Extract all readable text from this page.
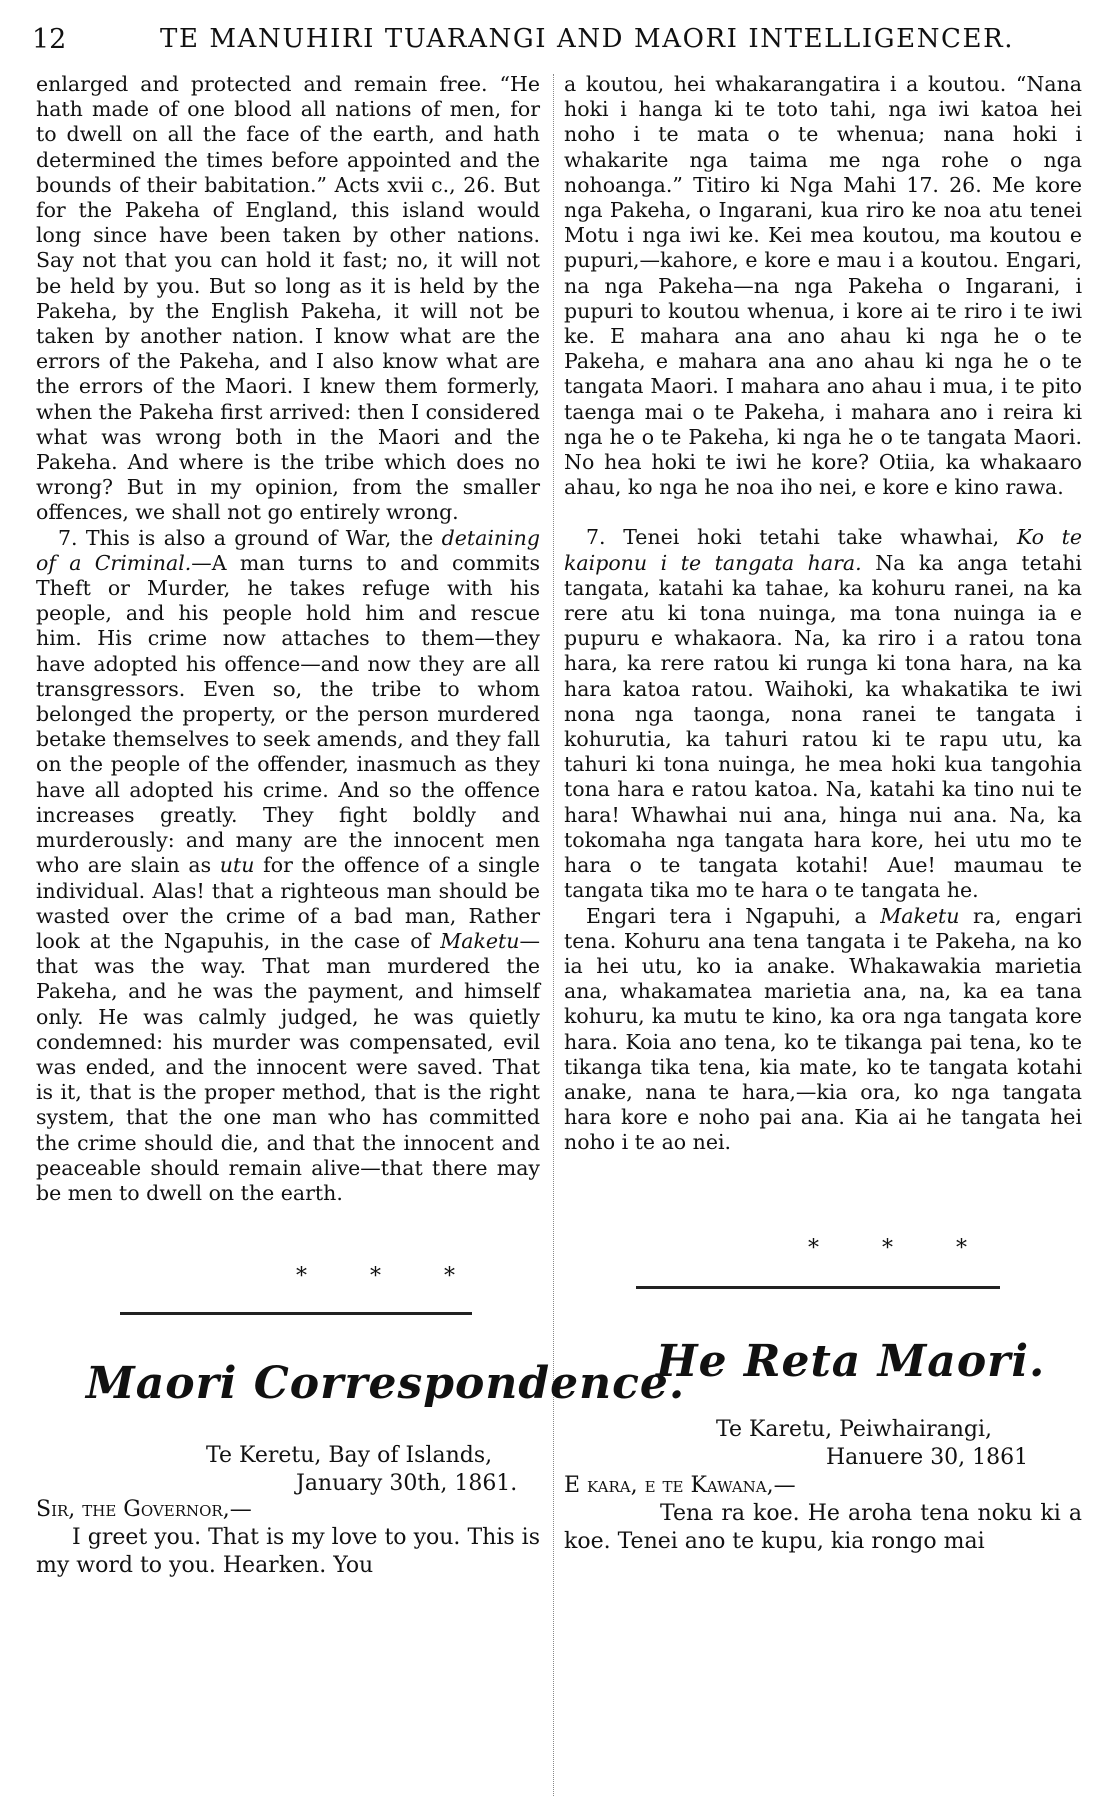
12	TE MANUHIRI TUARANGI AND MAORI INTELLIGENCER.

enlarged and protected and remain free. “He hath made of one blood all nations of men, for to dwell on all the face of the earth, and hath determined the times before appointed and the bounds of their babitation.” Acts xvii c., 26. But for the Pakeha of England, this island would long since have been taken by other nations. Say not that you can hold it fast; no, it will not be held by you. But so long as it is held by the Pakeha, by the English Pakeha, it will not be taken by another nation. I know what are the errors of the Pakeha, and I also know what are the errors of the Maori. I knew them formerly, when the Pakeha first arrived: then I considered what was wrong both in the Maori and the Pakeha. And where is the tribe which does no wrong? But in my opinion, from the smaller offences, we shall not go entirely wrong.

7. This is also a ground of War, the detaining of a Criminal.—A man turns to and commits Theft or Murder, he takes refuge with his people, and his people hold him and rescue him. His crime now attaches to them—they have adopted his offence—and now they are all transgressors. Even so, the tribe to whom belonged the property, or the person murdered betake themselves to seek amends, and they fall on the people of the offender, inasmuch as they have all adopted his crime. And so the offence increases greatly. They fight boldly and murderously: and many are the innocent men who are slain as utu for the offence of a single individual. Alas! that a righteous man should be wasted over the crime of a bad man, Rather look at the Ngapuhis, in the case of Maketu—that was the way. That man murdered the Pakeha, and he was the payment, and himself only. He was calmly judged, he was quietly condemned: his murder was compensated, evil was ended, and the innocent were saved. That is it, that is the proper method, that is the right system, that the one man who has committed the crime should die, and that the innocent and peaceable should remain alive—that there may be men to dwell on the earth.

a koutou, hei whakarangatira i a koutou. “Nana hoki i hanga ki te toto tahi, nga iwi katoa hei noho i te mata o te whenua; nana hoki i whakarite nga taima me nga rohe o nga nohoanga.” Titiro ki Nga Mahi 17. 26. Me kore nga Pakeha, o Ingarani, kua riro ke noa atu tenei Motu i nga iwi ke. Kei mea koutou, ma koutou e pupuri,—kahore, e kore e mau i a koutou. Engari, na nga Pakeha—na nga Pakeha o Ingarani, i pupuri to koutou whenua, i kore ai te riro i te iwi ke. E mahara ana ano ahau ki nga he o te Pakeha, e mahara ana ano ahau ki nga he o te tangata Maori. I mahara ano ahau i mua, i te pito taenga mai o te Pakeha, i mahara ano i reira ki nga he o te Pakeha, ki nga he o te tangata Maori. No hea hoki te iwi he kore? Otiia, ka whakaaro ahau, ko nga he noa iho nei, e kore e kino rawa.

7. Tenei hoki tetahi take whawhai, Ko te kaiponu i te tangata hara. Na ka anga tetahi tangata, katahi ka tahae, ka kohuru ranei, na ka rere atu ki tona nuinga, ma tona nuinga ia e pupuru e whakaora. Na, ka riro i a ratou tona hara, ka rere ratou ki runga ki tona hara, na ka hara katoa ratou. Waihoki, ka whakatika te iwi nona nga taonga, nona ranei te tangata i kohurutia, ka tahuri ratou ki te rapu utu, ka tahuri ki tona nuinga, he mea hoki kua tangohia tona hara e ratou katoa. Na, katahi ka tino nui te hara! Whawhai nui ana, hinga nui ana. Na, ka tokomaha nga tangata hara kore, hei utu mo te hara o te tangata kotahi! Aue! maumau te tangata tika mo te hara o te tangata he.

Engari tera i Ngapuhi, a Maketu ra, engari tena. Kohuru ana tena tangata i te Pakeha, na ko ia hei utu, ko ia anake. Whakawakia marietia ana, whakamatea marietia ana, na, ka ea tana kohuru, ka mutu te kino, ka ora nga tangata kore hara. Koia ano tena, ko te tikanga pai tena, ko te tikanga tika tena, kia mate, ko te tangata kotahi anake, nana te hara,—kia ora, ko nga tangata hara kore e noho pai ana. Kia ai he tangata hei noho i te ao nei.

* * *
* * *
Maori Correspondence.
Te Keretu, Bay of Islands,
January 30th, 1861.
Sir, the Governor,—
I greet you. That is my love to you. This is my word to you. Hearken. You
He Reta Maori.
Te Karetu, Peiwhairangi,
Hanuere 30, 1861
E kara, e te Kawana,—
Tena ra koe. He aroha tena noku ki a koe. Tenei ano te kupu, kia rongo mai
